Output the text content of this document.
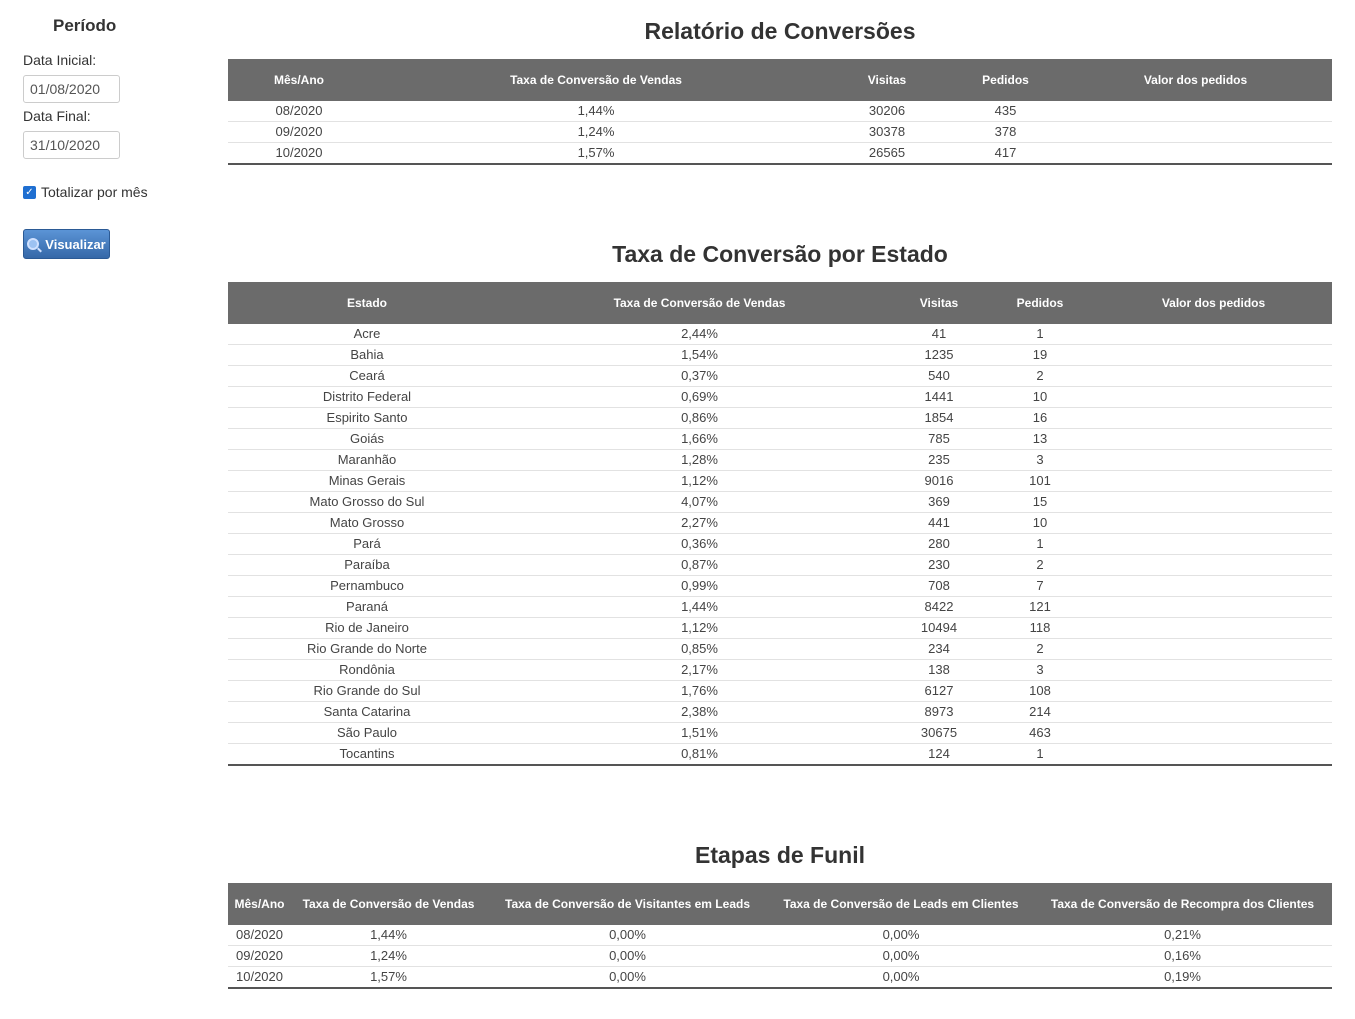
Período
Data Inicial:
01/08/2020
Data Final:
31/10/2020
✓ Totalizar por mês
Visualizar
Relatório de Conversões
Mês/Ano	Taxa de Conversão de Vendas	Visitas	Pedidos	Valor dos pedidos
08/2020	1,44%	30206	435	
09/2020	1,24%	30378	378	
10/2020	1,57%	26565	417	
Taxa de Conversão por Estado
Estado	Taxa de Conversão de Vendas	Visitas	Pedidos	Valor dos pedidos
Acre	2,44%	41	1	
Bahia	1,54%	1235	19	
Ceará	0,37%	540	2	
Distrito Federal	0,69%	1441	10	
Espirito Santo	0,86%	1854	16	
Goiás	1,66%	785	13	
Maranhão	1,28%	235	3	
Minas Gerais	1,12%	9016	101	
Mato Grosso do Sul	4,07%	369	15	
Mato Grosso	2,27%	441	10	
Pará	0,36%	280	1	
Paraíba	0,87%	230	2	
Pernambuco	0,99%	708	7	
Paraná	1,44%	8422	121	
Rio de Janeiro	1,12%	10494	118	
Rio Grande do Norte	0,85%	234	2	
Rondônia	2,17%	138	3	
Rio Grande do Sul	1,76%	6127	108	
Santa Catarina	2,38%	8973	214	
São Paulo	1,51%	30675	463	
Tocantins	0,81%	124	1	
Etapas de Funil
Mês/Ano	Taxa de Conversão de Vendas	Taxa de Conversão de Visitantes em Leads	Taxa de Conversão de Leads em Clientes	Taxa de Conversão de Recompra dos Clientes
08/2020	1,44%	0,00%	0,00%	0,21%
09/2020	1,24%	0,00%	0,00%	0,16%
10/2020	1,57%	0,00%	0,00%	0,19%
